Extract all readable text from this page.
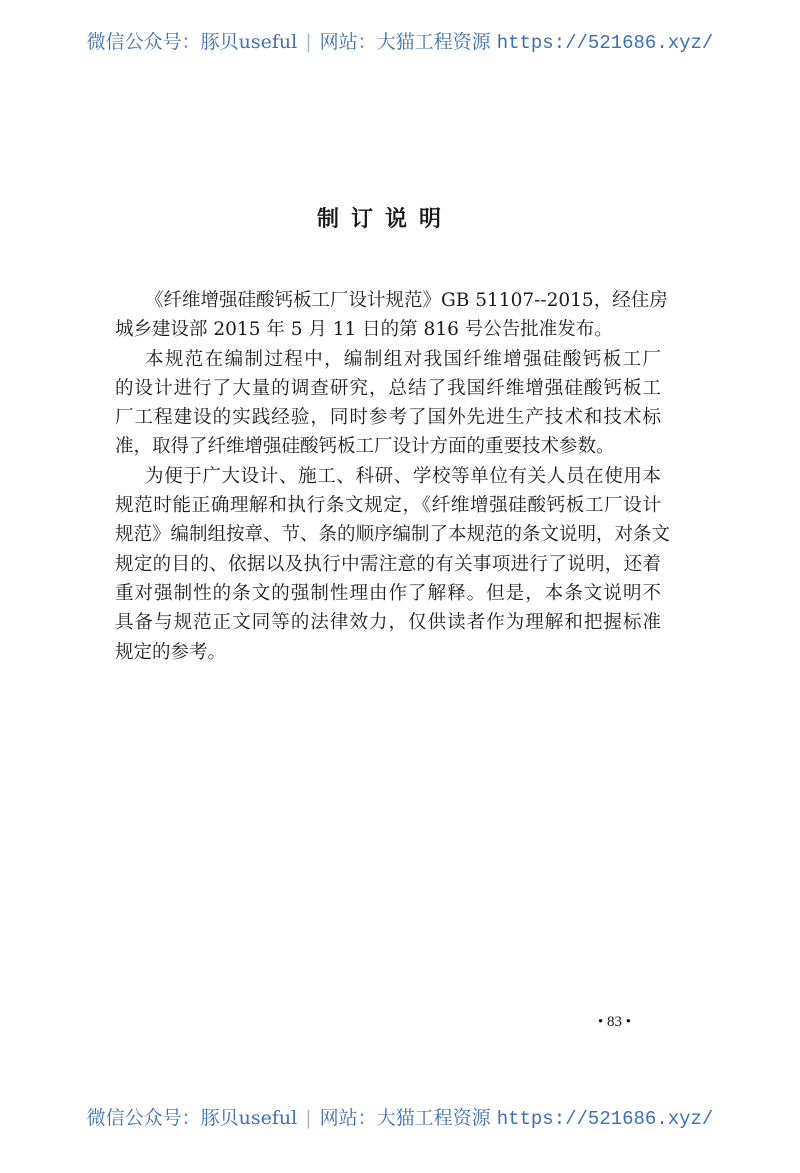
微信公众号：豚贝useful | 网站：大猫工程资源 https://521686.xyz/
制订说明
《纤维增强硅酸钙板工厂设计规范》GB 51107--2015，经住房
城乡建设部 2015 年 5 月 11 日的第 816 号公告批准发布。
本规范在编制过程中，编制组对我国纤维增强硅酸钙板工厂
的设计进行了大量的调查研究，总结了我国纤维增强硅酸钙板工
厂工程建设的实践经验，同时参考了国外先进生产技术和技术标
准，取得了纤维增强硅酸钙板工厂设计方面的重要技术参数。
为便于广大设计、施工、科研、学校等单位有关人员在使用本
规范时能正确理解和执行条文规定，《纤维增强硅酸钙板工厂设计
规范》编制组按章、节、条的顺序编制了本规范的条文说明，对条文
规定的目的、依据以及执行中需注意的有关事项进行了说明，还着
重对强制性的条文的强制性理由作了解释。但是，本条文说明不
具备与规范正文同等的法律效力，仅供读者作为理解和把握标准
规定的参考。
• 83 •
微信公众号：豚贝useful | 网站：大猫工程资源 https://521686.xyz/
